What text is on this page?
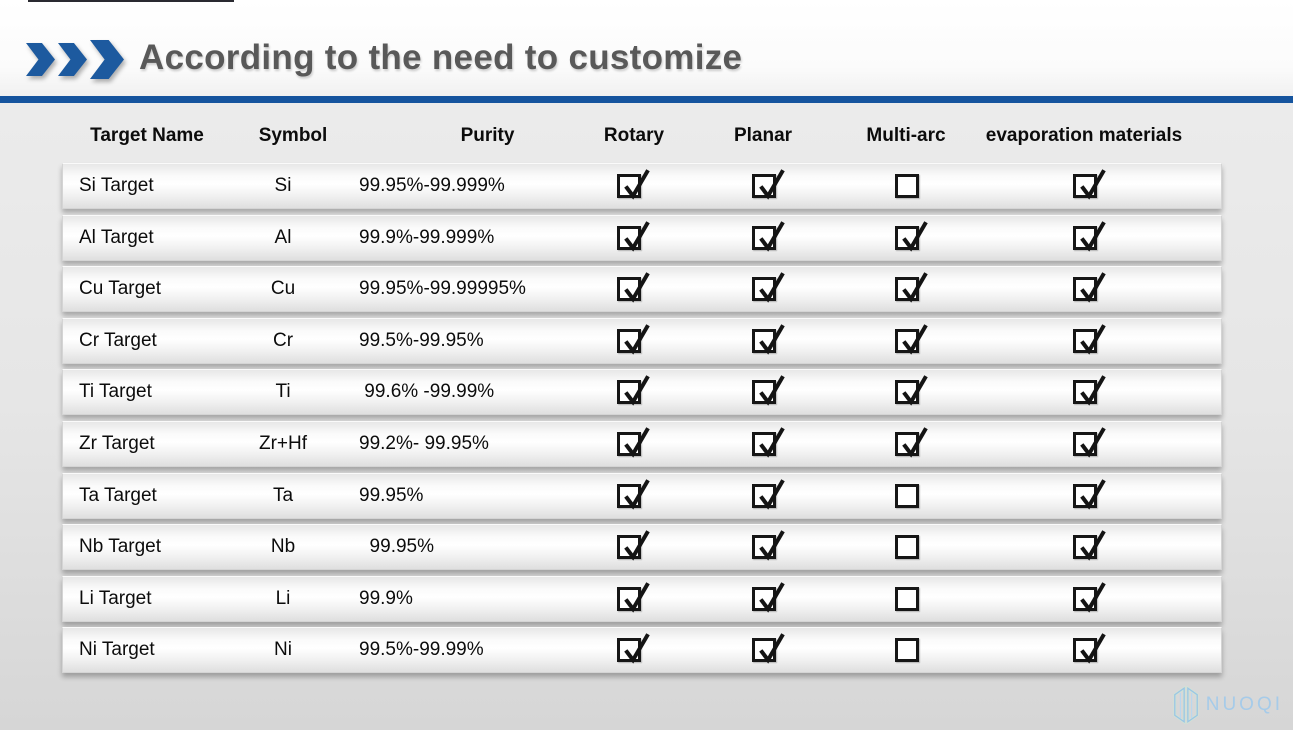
According to the need to customize
Target Name	Symbol	Purity	Rotary	Planar	Multi-arc	evaporation materials
Si Target	Si	99.95%-99.999%
Al Target	Al	99.9%-99.999%
Cu Target	Cu	99.95%-99.99995%
Cr Target	Cr	99.5%-99.95%
Ti Target	Ti	99.6% -99.99%
Zr Target	Zr+Hf	99.2%- 99.95%
Ta Target	Ta	99.95%
Nb Target	Nb	99.95%
Li Target	Li	99.9%
Ni Target	Ni	99.5%-99.99%
NUOQI
